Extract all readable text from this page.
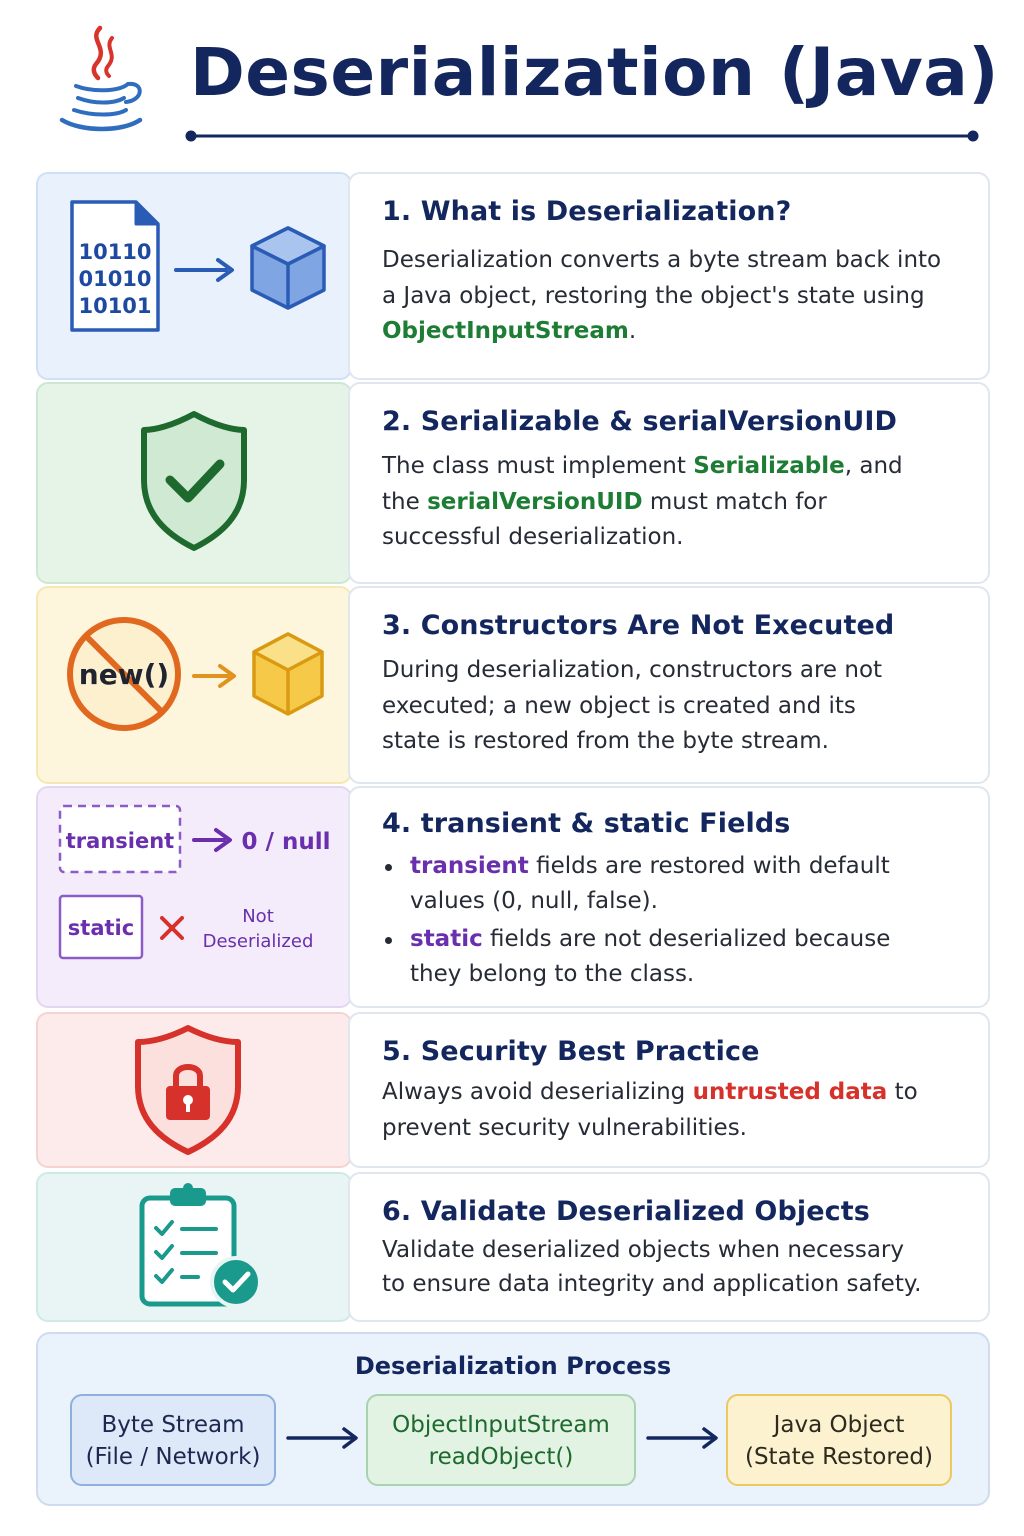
Deserialization (Java)
10110
01010
10101
1. What is Deserialization?
Deserialization converts a byte stream back into
a Java object, restoring the object's state using
ObjectInputStream.
2. Serializable & serialVersionUID
The class must implement Serializable, and
the serialVersionUID must match for
successful deserialization.
new()
3. Constructors Are Not Executed
During deserialization, constructors are not
executed; a new object is created and its
state is restored from the byte stream.
transient	0 / null
static	Not
Deserialized
4. transient & static Fields
transient fields are restored with default
values (0, null, false).
static fields are not deserialized because
they belong to the class.
5. Security Best Practice
Always avoid deserializing untrusted data to
prevent security vulnerabilities.
6. Validate Deserialized Objects
Validate deserialized objects when necessary
to ensure data integrity and application safety.
Deserialization Process
Byte Stream
(File / Network)
ObjectInputStream
readObject()
Java Object
(State Restored)
